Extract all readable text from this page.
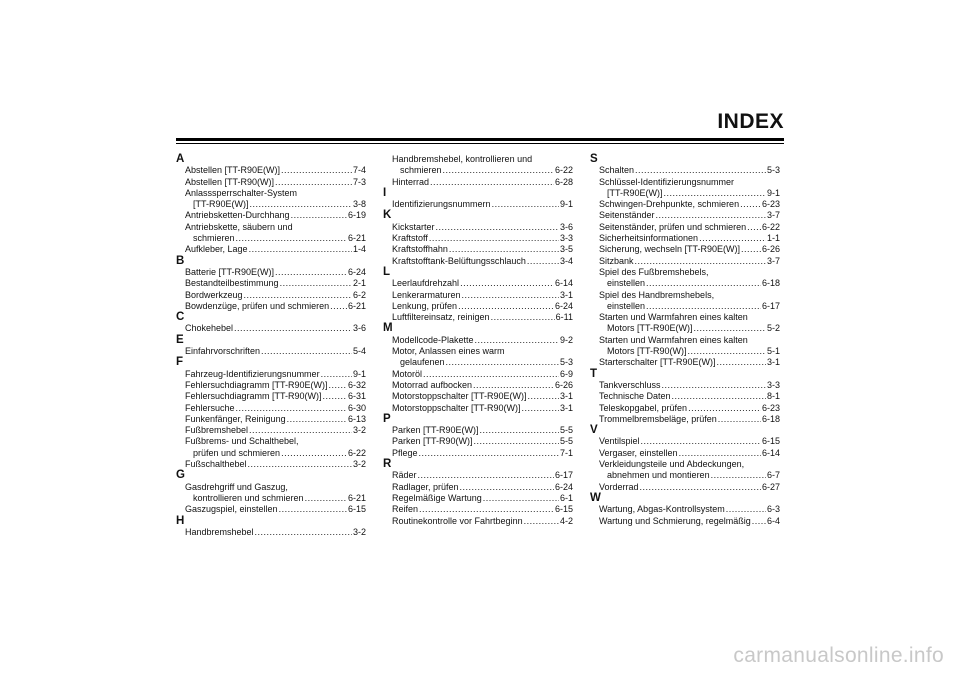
INDEX
A
Abstellen [TT-R90E(W)] .....	7-4
Abstellen [TT-R90(W)] .....	7-3
Anlasssperrschalter-System
[TT-R90E(W)] .....	3-8
Antriebsketten-Durchhang .....	6-19
Antriebskette, säubern und
schmieren .....	6-21
Aufkleber, Lage .....	1-4
B
Batterie [TT-R90E(W)] .....	6-24
Bestandteilbestimmung .....	2-1
Bordwerkzeug .....	6-2
Bowdenzüge, prüfen und schmieren ..... 6-21
C
Chokehebel .....	3-6
E
Einfahrvorschriften .....	5-4
F
Fahrzeug-Identifizierungsnummer .....	9-1
Fehlersuchdiagramm [TT-R90E(W)] ..... 6-32
Fehlersuchdiagramm [TT-R90(W)] .....	6-31
Fehlersuche .....	6-30
Funkenfänger, Reinigung .....	6-13
Fußbremshebel .....	3-2
Fußbrems- und Schalthebel,
prüfen und schmieren .....	6-22
Fußschalthebel .....	3-2
G
Gasdrehgriff und Gaszug,
kontrollieren und schmieren .....	6-21
Gaszugspiel, einstellen .....	6-15
H
Handbremshebel .....	3-2
Handbremshebel, kontrollieren und
schmieren .....	6-22
Hinterrad .....	6-28
I
Identifizierungsnummern .....	9-1
K
Kickstarter .....	3-6
Kraftstoff .....	3-3
Kraftstoffhahn .....	3-5
Kraftstofftank-Belüftungsschlauch .....	3-4
L
Leerlaufdrehzahl .....	6-14
Lenkerarmaturen .....	3-1
Lenkung, prüfen .....	6-24
Luftfiltereinsatz, reinigen .....	6-11
M
Modellcode-Plakette .....	9-2
Motor, Anlassen eines warm
gelaufenen .....	5-3
Motoröl .....	6-9
Motorrad aufbocken .....	6-26
Motorstoppschalter [TT-R90E(W)] .....	3-1
Motorstoppschalter [TT-R90(W)] .....	3-1
P
Parken [TT-R90E(W)] .....	5-5
Parken [TT-R90(W)] .....	5-5
Pflege .....	7-1
R
Räder .....	6-17
Radlager, prüfen .....	6-24
Regelmäßige Wartung .....	6-1
Reifen .....	6-15
Routinekontrolle vor Fahrtbeginn .....	4-2
S
Schalten .....	5-3
Schlüssel-Identifizierungsnummer
[TT-R90E(W)] .....	9-1
Schwingen-Drehpunkte, schmieren .....	6-23
Seitenständer .....	3-7
Seitenständer, prüfen und schmieren ..... 6-22
Sicherheitsinformationen .....	1-1
Sicherung, wechseln [TT-R90E(W)] ..... 6-26
Sitzbank .....	3-7
Spiel des Fußbremshebels,
einstellen .....	6-18
Spiel des Handbremshebels,
einstellen .....	6-17
Starten und Warmfahren eines kalten
Motors [TT-R90E(W)] .....	5-2
Starten und Warmfahren eines kalten
Motors [TT-R90(W)] .....	5-1
Starterschalter [TT-R90E(W)] .....	3-1
T
Tankverschluss .....	3-3
Technische Daten .....	8-1
Teleskopgabel, prüfen .....	6-23
Trommelbremsbeläge, prüfen .....	6-18
V
Ventilspiel .....	6-15
Vergaser, einstellen .....	6-14
Verkleidungsteile und Abdeckungen,
abnehmen und montieren .....	6-7
Vorderrad .....	6-27
W
Wartung, Abgas-Kontrollsystem .....	6-3
Wartung und Schmierung, regelmäßig ..... 6-4
carmanualsonline.info
